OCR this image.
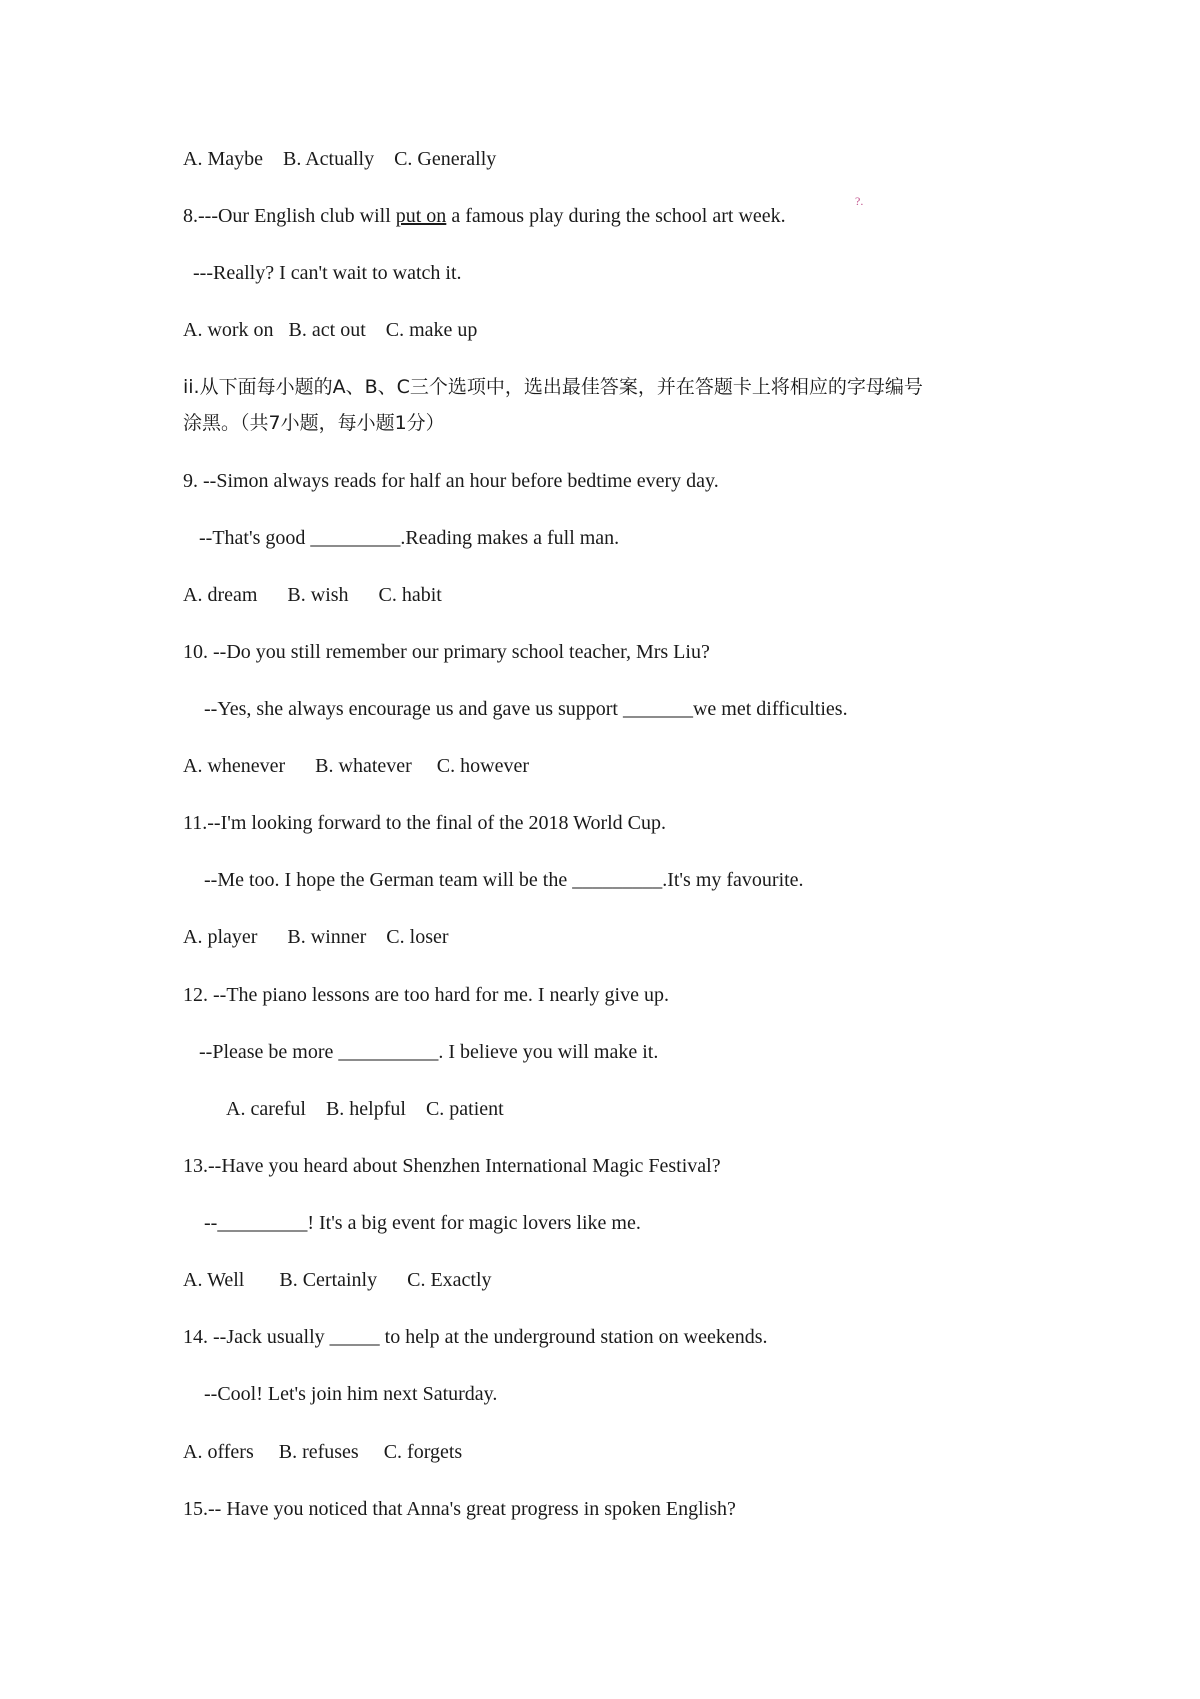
A. Maybe    B. Actually    C. Generally
8.---Our English club will put on a famous play during the school art week.
?.
---Really? I can't wait to watch it.
A. work on   B. act out    C. make up
ii.从下面每小题的A、B、C三个选项中，选出最佳答案，并在答题卡上将相应的字母编号
涂黑。（共7小题，每小题1分）
9. --Simon always reads for half an hour before bedtime every day.
--That's good _________.Reading makes a full man.
A. dream      B. wish      C. habit
10. --Do you still remember our primary school teacher, Mrs Liu?
--Yes, she always encourage us and gave us support _______we met difficulties.
A. whenever      B. whatever     C. however
11.--I'm looking forward to the final of the 2018 World Cup.
--Me too. I hope the German team will be the _________.It's my favourite.
A. player      B. winner    C. loser
12. --The piano lessons are too hard for me. I nearly give up.
--Please be more __________. I believe you will make it.
A. careful    B. helpful    C. patient
13.--Have you heard about Shenzhen International Magic Festival?
--_________! It's a big event for magic lovers like me.
A. Well       B. Certainly      C. Exactly
14. --Jack usually _____ to help at the underground station on weekends.
--Cool! Let's join him next Saturday.
A. offers     B. refuses     C. forgets
15.-- Have you noticed that Anna's great progress in spoken English?
